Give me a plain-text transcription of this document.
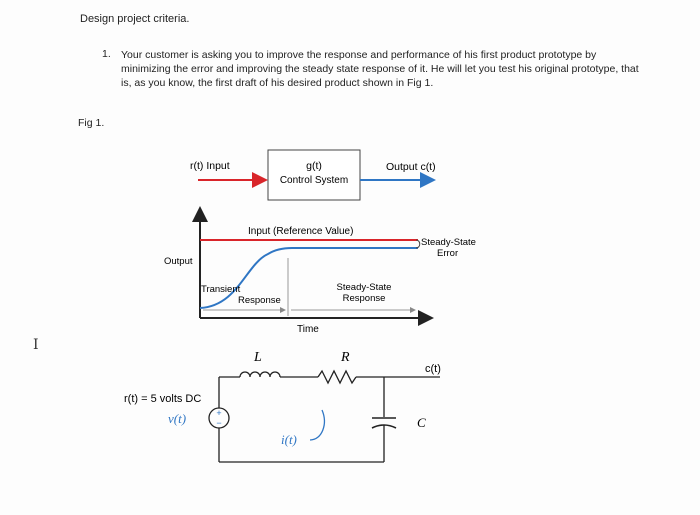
Design project criteria.
1. Your customer is asking you to improve the response and performance of his first product prototype by minimizing the error and improving the steady state response of it. He will let you test his original prototype, that is, as you know, the first draft of his desired product shown in Fig 1.
Fig 1.
I
r(t) Input	g(t)
Control System
Output c(t)
Input (Reference Value)
Output
Transient
Response
Steady-State
Response
Steady-State
Error
Time
+
−
L	R
c(t)
r(t) = 5 volts DC
v(t)
i(t)
C
